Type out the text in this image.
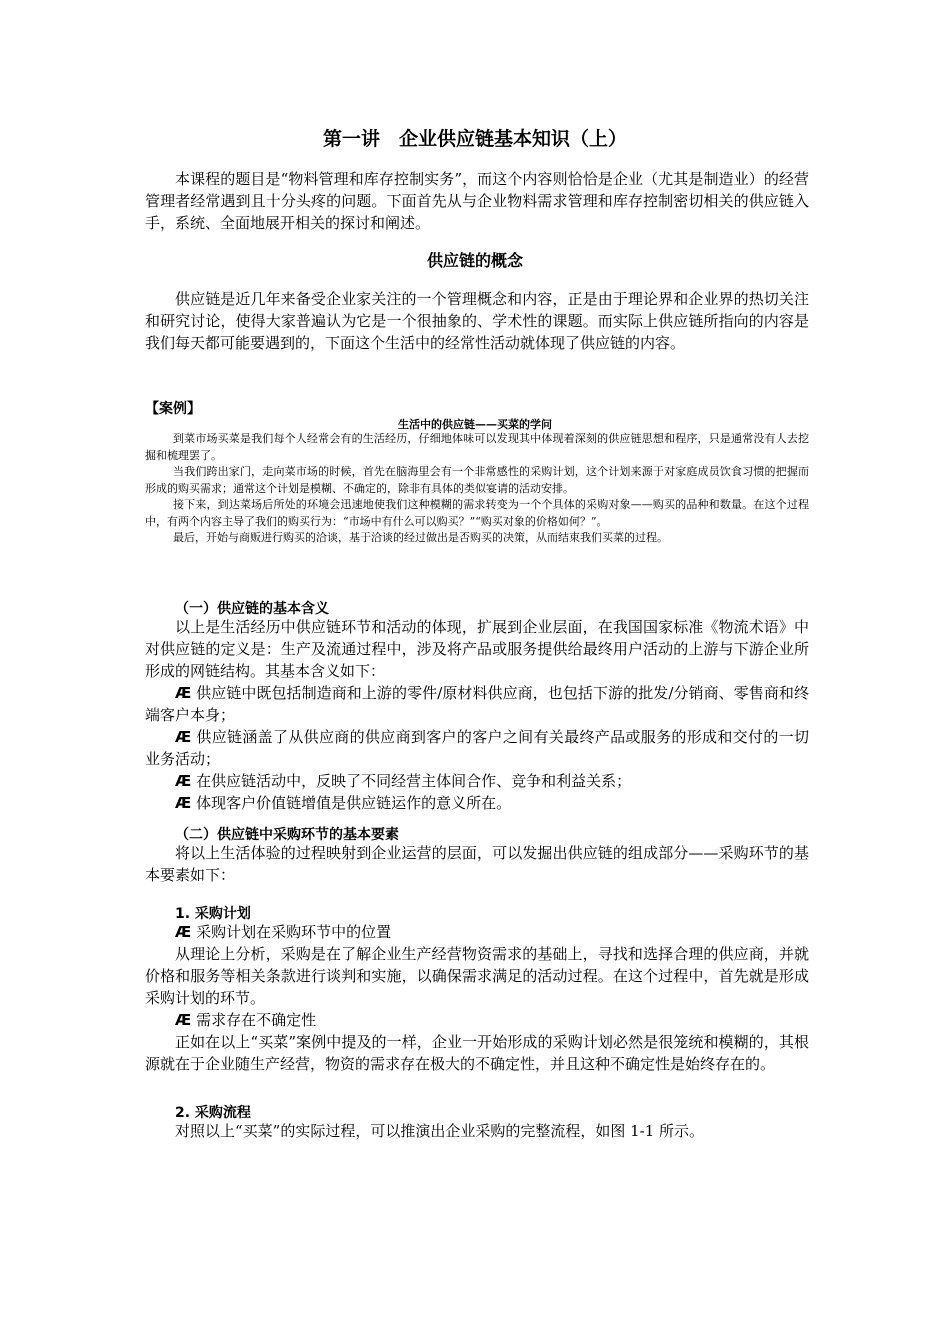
第一讲　企业供应链基本知识（上）

本课程的题目是“物料管理和库存控制实务”，而这个内容则恰恰是企业（尤其是制造业）的经营管理者经常遇到且十分头疼的问题。下面首先从与企业物料需求管理和库存控制密切相关的供应链入手，系统、全面地展开相关的探讨和阐述。

供应链的概念

供应链是近几年来备受企业家关注的一个管理概念和内容，正是由于理论界和企业界的热切关注和研究讨论，使得大家普遍认为它是一个很抽象的、学术性的课题。而实际上供应链所指向的内容是我们每天都可能要遇到的，下面这个生活中的经常性活动就体现了供应链的内容。

【案例】
生活中的供应链——买菜的学问

到菜市场买菜是我们每个人经常会有的生活经历，仔细地体味可以发现其中体现着深刻的供应链思想和程序，只是通常没有人去挖掘和梳理罢了。

当我们跨出家门，走向菜市场的时候，首先在脑海里会有一个非常感性的采购计划，这个计划来源于对家庭成员饮食习惯的把握而形成的购买需求；通常这个计划是模糊、不确定的，除非有具体的类似宴请的活动安排。

接下来，到达菜场后所处的环境会迅速地使我们这种模糊的需求转变为一个个具体的采购对象——购买的品种和数量。在这个过程中，有两个内容主导了我们的购买行为：“市场中有什么可以购买？”“购买对象的价格如何？”。

最后，开始与商贩进行购买的洽谈，基于洽谈的经过做出是否购买的决策，从而结束我们买菜的过程。

（一）供应链的基本含义

以上是生活经历中供应链环节和活动的体现，扩展到企业层面，在我国国家标准《物流术语》中对供应链的定义是：生产及流通过程中，涉及将产品或服务提供给最终用户活动的上游与下游企业所形成的网链结构。其基本含义如下：

Æ 供应链中既包括制造商和上游的零件/原材料供应商，也包括下游的批发/分销商、零售商和终端客户本身；

Æ 供应链涵盖了从供应商的供应商到客户的客户之间有关最终产品或服务的形成和交付的一切业务活动；

Æ 在供应链活动中，反映了不同经营主体间合作、竞争和利益关系；

Æ 体现客户价值链增值是供应链运作的意义所在。

（二）供应链中采购环节的基本要素

将以上生活体验的过程映射到企业运营的层面，可以发掘出供应链的组成部分——采购环节的基本要素如下：

1. 采购计划

Æ 采购计划在采购环节中的位置

从理论上分析，采购是在了解企业生产经营物资需求的基础上，寻找和选择合理的供应商，并就价格和服务等相关条款进行谈判和实施，以确保需求满足的活动过程。在这个过程中，首先就是形成采购计划的环节。

Æ 需求存在不确定性

正如在以上“买菜”案例中提及的一样，企业一开始形成的采购计划必然是很笼统和模糊的，其根源就在于企业随生产经营，物资的需求存在极大的不确定性，并且这种不确定性是始终存在的。

2. 采购流程

对照以上“买菜”的实际过程，可以推演出企业采购的完整流程，如图 1-1 所示。
